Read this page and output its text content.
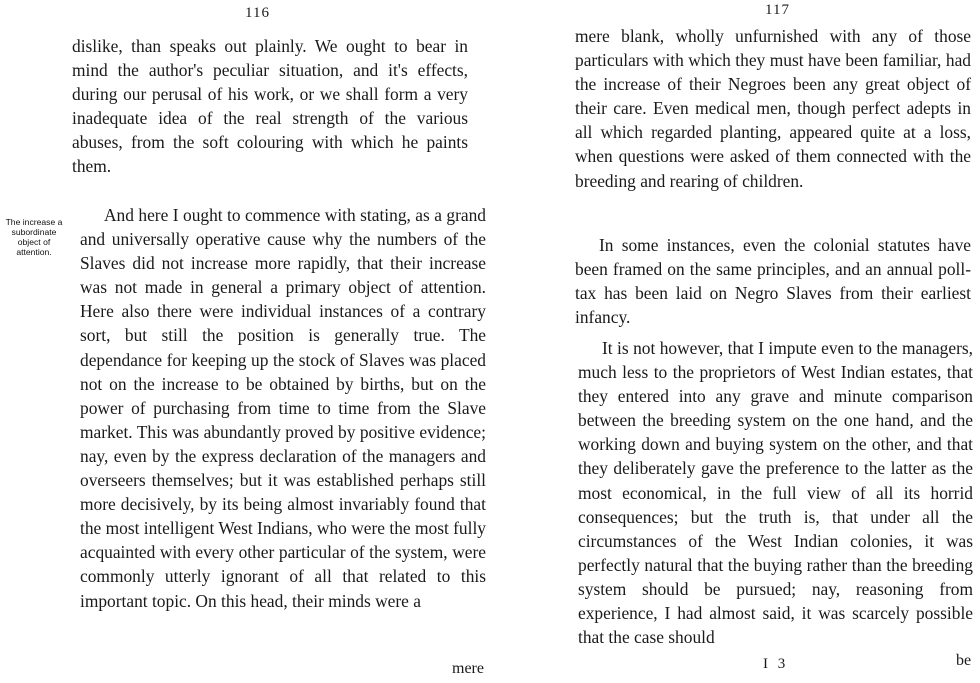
116

dislike, than speaks out plainly. We ought to bear in mind the author's peculiar situation, and it's effects, during our perusal of his work, or we shall form a very inadequate idea of the real strength of the various abuses, from the soft colouring with which he paints them.

The increase a subordinate object of attention.

And here I ought to commence with stating, as a grand and universally operative cause why the numbers of the Slaves did not increase more rapidly, that their increase was not made in general a primary object of attention. Here also there were individual instances of a contrary sort, but still the position is generally true. The dependance for keeping up the stock of Slaves was placed not on the increase to be obtained by births, but on the power of purchasing from time to time from the Slave market. This was abundantly proved by positive evidence; nay, even by the express declaration of the managers and overseers themselves; but it was established perhaps still more decisively, by its being almost invariably found that the most intelligent West Indians, who were the most fully acquainted with every other particular of the system, were commonly utterly ignorant of all that related to this important topic. On this head, their minds were a

mere
117

mere blank, wholly unfurnished with any of those particulars with which they must have been familiar, had the increase of their Negroes been any great object of their care. Even medical men, though perfect adepts in all which regarded planting, appeared quite at a loss, when questions were asked of them connected with the breeding and rearing of children.

In some instances, even the colonial statutes have been framed on the same principles, and an annual poll-tax has been laid on Negro Slaves from their earliest infancy.

It is not however, that I impute even to the managers, much less to the proprietors of West Indian estates, that they entered into any grave and minute comparison between the breeding system on the one hand, and the working down and buying system on the other, and that they deliberately gave the preference to the latter as the most economical, in the full view of all its horrid consequences; but the truth is, that under all the circumstances of the West Indian colonies, it was perfectly natural that the buying rather than the breeding system should be pursued; nay, reasoning from experience, I had almost said, it was scarcely possible that the case should

I 3	be
